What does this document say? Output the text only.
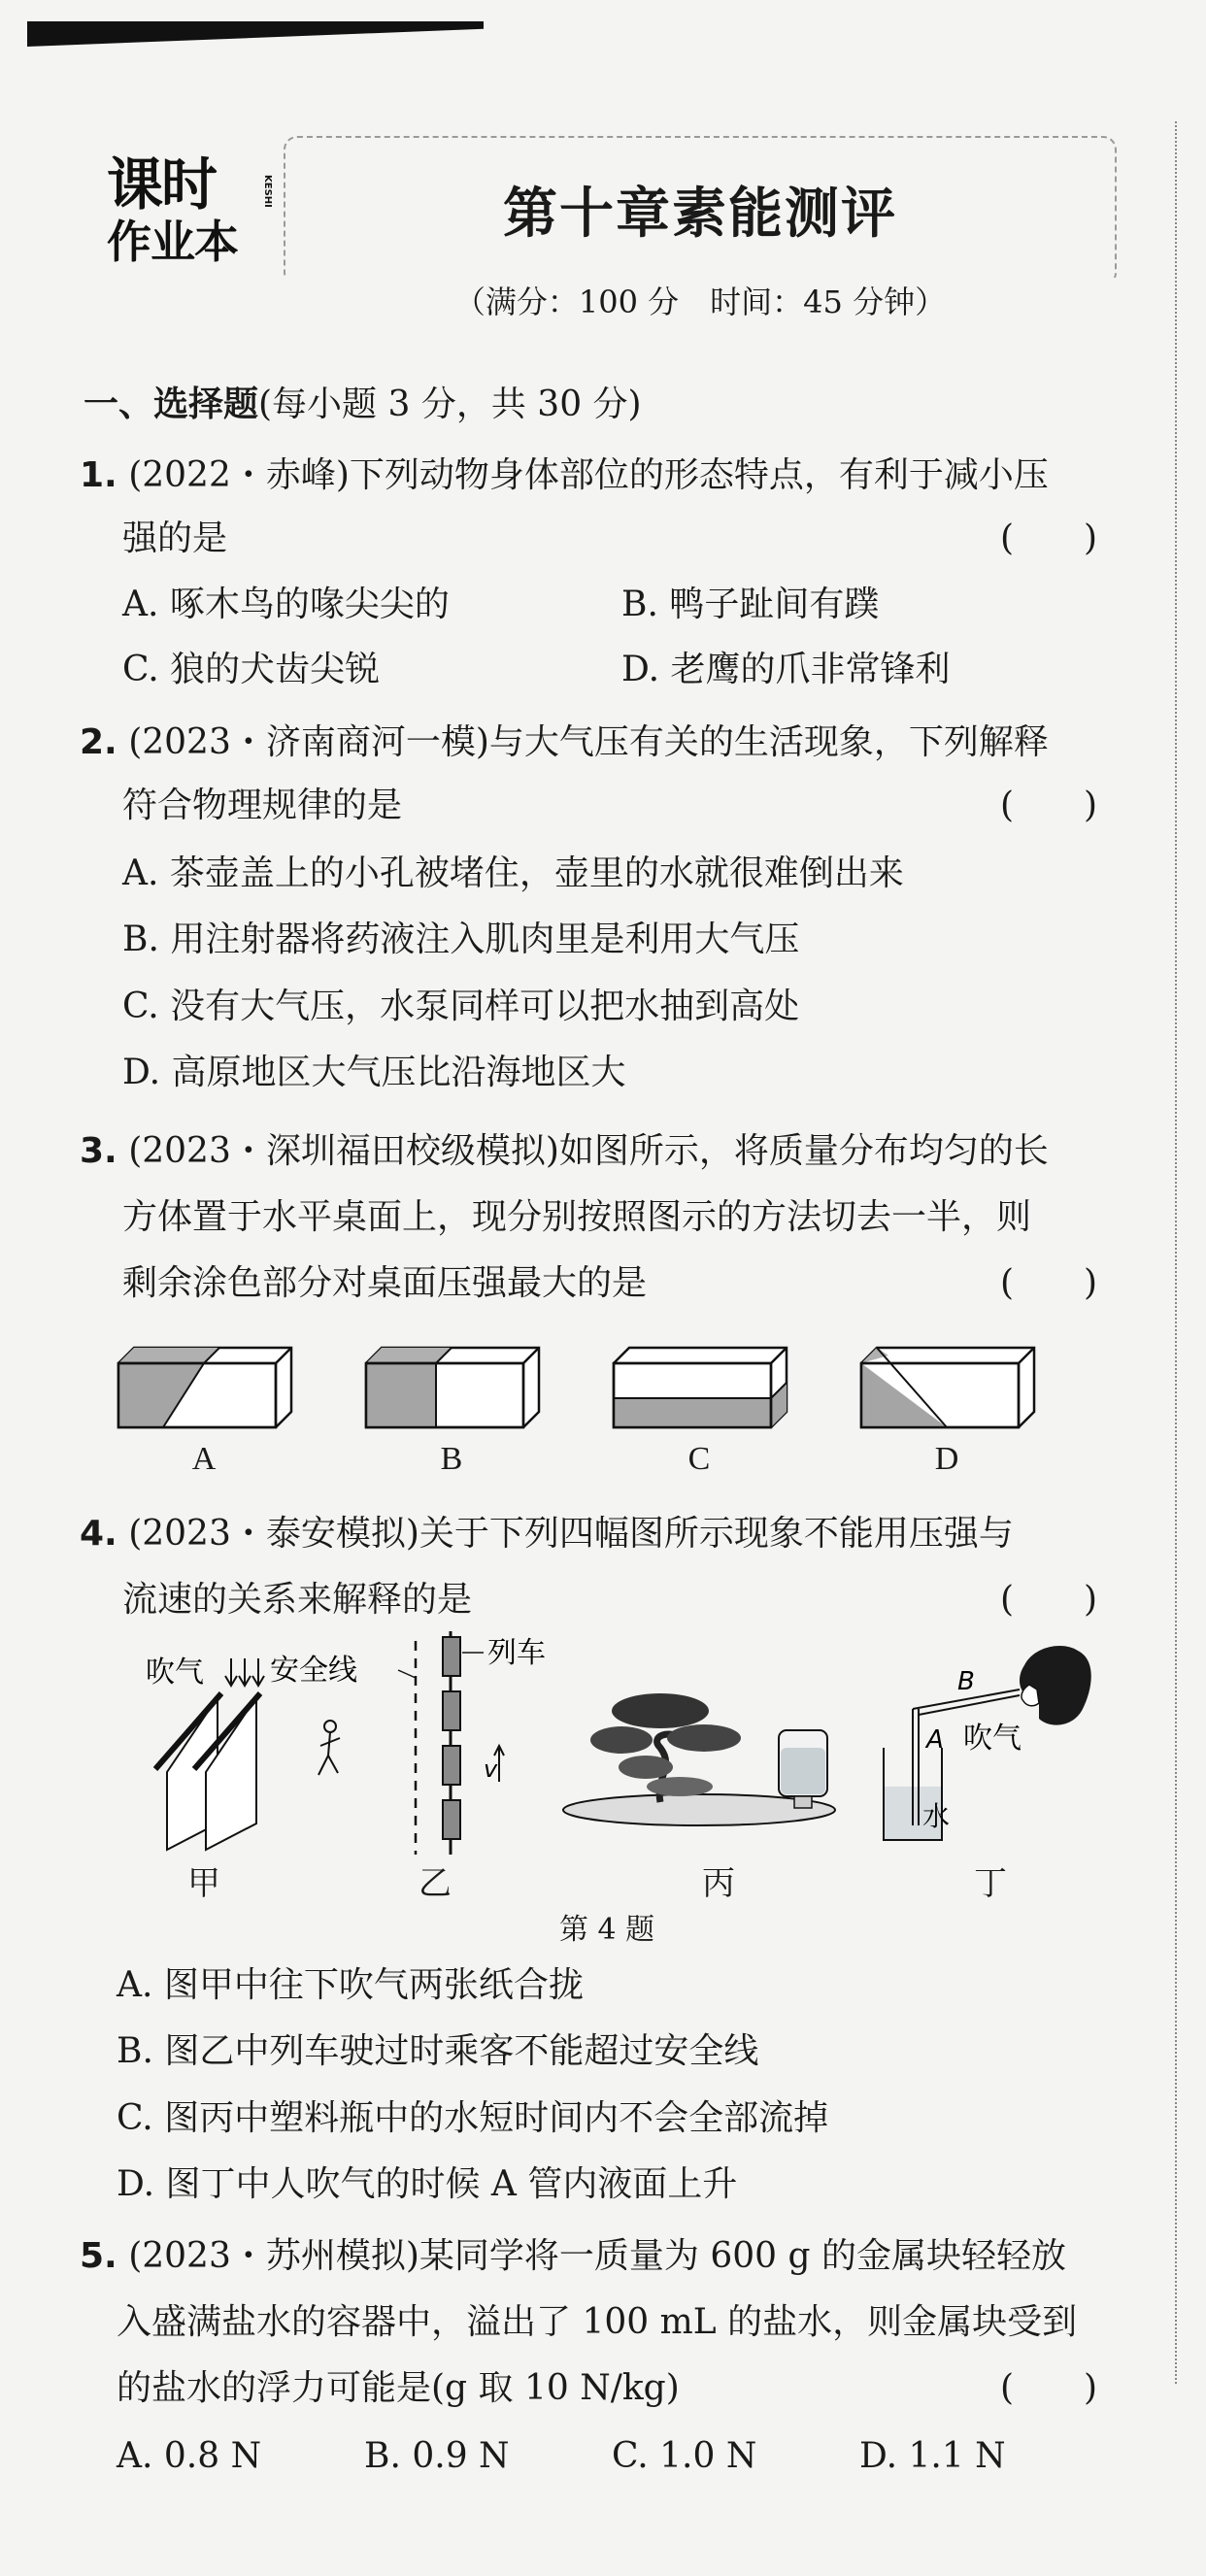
课时
作业本
KESHI	第十章素能测评
（满分：100 分　时间：45 分钟）
一、选择题(每小题 3 分，共 30 分)
1. (2022・赤峰)下列动物身体部位的形态特点，有利于减小压
强的是	(　　)
A. 啄木鸟的喙尖尖的	B. 鸭子趾间有蹼
C. 狼的犬齿尖锐	D. 老鹰的爪非常锋利
2. (2023・济南商河一模)与大气压有关的生活现象，下列解释
符合物理规律的是	(　　)
A. 茶壶盖上的小孔被堵住，壶里的水就很难倒出来
B. 用注射器将药液注入肌肉里是利用大气压
C. 没有大气压，水泵同样可以把水抽到高处
D. 高原地区大气压比沿海地区大
3. (2023・深圳福田校级模拟)如图所示，将质量分布均匀的长
方体置于水平桌面上，现分别按照图示的方法切去一半，则
剩余涂色部分对桌面压强最大的是	(　　)
A	B	C	D
4. (2023・泰安模拟)关于下列四幅图所示现象不能用压强与
流速的关系来解释的是	(　　)
吹气 安全线
列车
v
B
A 吹气
水
甲	乙	丙	丁
第 4 题
A. 图甲中往下吹气两张纸合拢
B. 图乙中列车驶过时乘客不能超过安全线
C. 图丙中塑料瓶中的水短时间内不会全部流掉
D. 图丁中人吹气的时候 A 管内液面上升
5. (2023・苏州模拟)某同学将一质量为 600 g 的金属块轻轻放
入盛满盐水的容器中，溢出了 100 mL 的盐水，则金属块受到
的盐水的浮力可能是(g 取 10 N/kg)	(　　)
A. 0.8 N	B. 0.9 N	C. 1.0 N	D. 1.1 N
